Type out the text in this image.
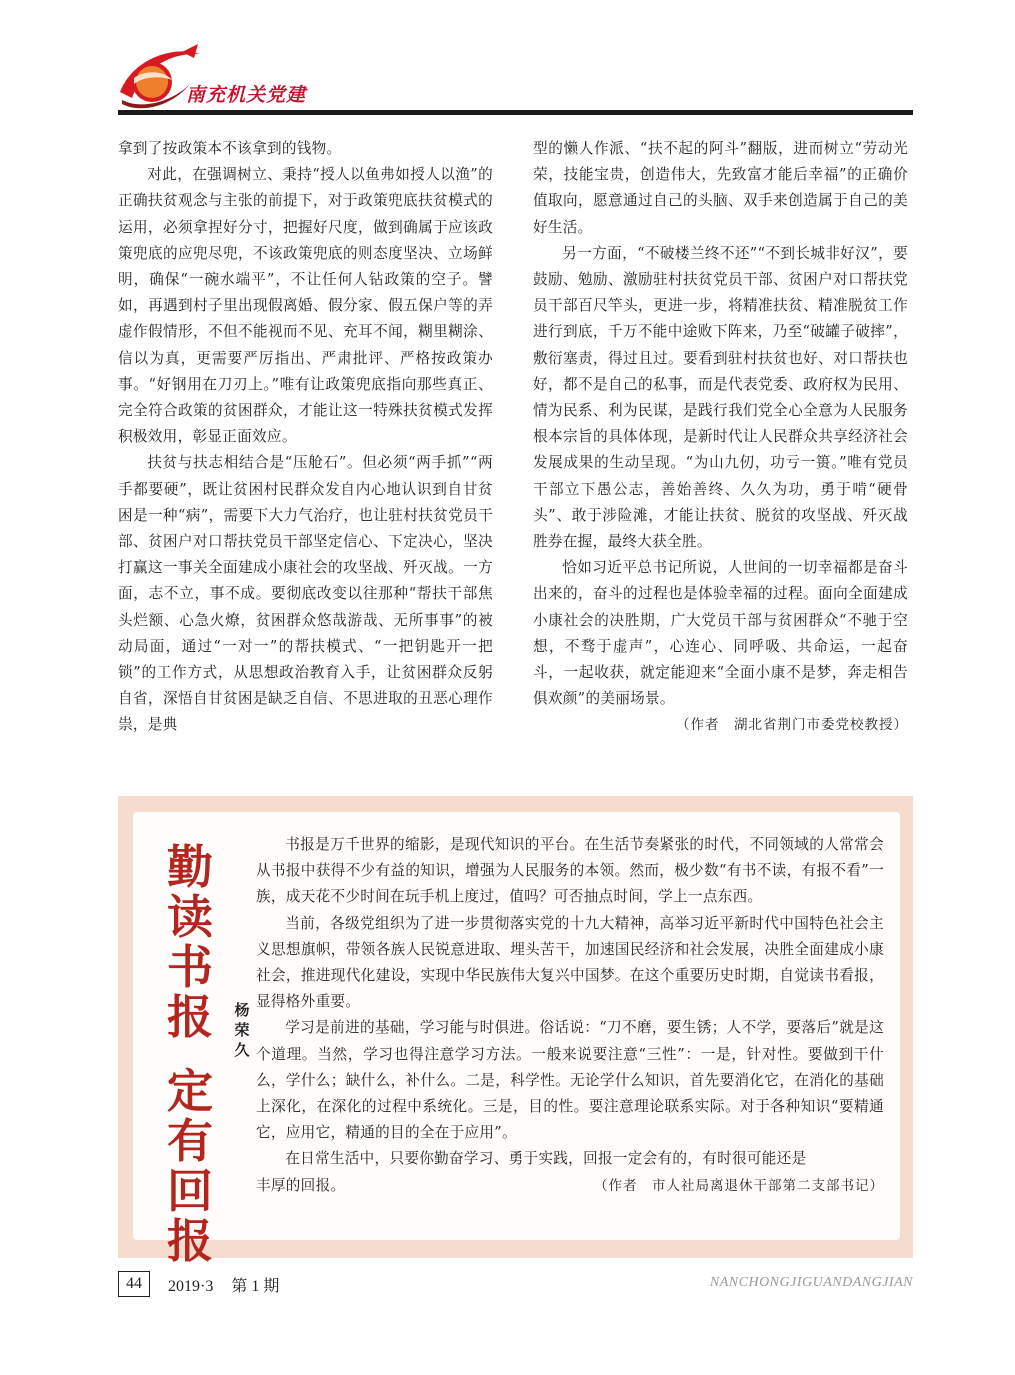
南充机关党建

拿到了按政策本不该拿到的钱物。

对此，在强调树立、秉持“授人以鱼弗如授人以渔”的正确扶贫观念与主张的前提下，对于政策兜底扶贫模式的运用，必须拿捏好分寸，把握好尺度，做到确属于应该政策兜底的应兜尽兜，不该政策兜底的则态度坚决、立场鲜明，确保“一碗水端平”，不让任何人钻政策的空子。譬如，再遇到村子里出现假离婚、假分家、假五保户等的弄虚作假情形，不但不能视而不见、充耳不闻，糊里糊涂、信以为真，更需要严厉指出、严肃批评、严格按政策办事。“好钢用在刀刃上。”唯有让政策兜底指向那些真正、完全符合政策的贫困群众，才能让这一特殊扶贫模式发挥积极效用，彰显正面效应。

扶贫与扶志相结合是“压舱石”。但必须“两手抓”“两手都要硬”，既让贫困村民群众发自内心地认识到自甘贫困是一种“病”，需要下大力气治疗，也让驻村扶贫党员干部、贫困户对口帮扶党员干部坚定信心、下定决心，坚决打赢这一事关全面建成小康社会的攻坚战、歼灭战。一方面，志不立，事不成。要彻底改变以往那种“帮扶干部焦头烂额、心急火燎，贫困群众悠哉游哉、无所事事”的被动局面，通过“一对一”的帮扶模式、“一把钥匙开一把锁”的工作方式，从思想政治教育入手，让贫困群众反躬自省，深悟自甘贫困是缺乏自信、不思进取的丑恶心理作祟，是典

型的懒人作派、“扶不起的阿斗”翻版，进而树立“劳动光荣，技能宝贵，创造伟大，先致富才能后幸福”的正确价值取向，愿意通过自己的头脑、双手来创造属于自己的美好生活。

另一方面，“不破楼兰终不还”“不到长城非好汉”，要鼓励、勉励、激励驻村扶贫党员干部、贫困户对口帮扶党员干部百尺竿头，更进一步，将精准扶贫、精准脱贫工作进行到底，千万不能中途败下阵来，乃至“破罐子破摔”，敷衍塞责，得过且过。要看到驻村扶贫也好、对口帮扶也好，都不是自己的私事，而是代表党委、政府权为民用、情为民系、利为民谋，是践行我们党全心全意为人民服务根本宗旨的具体体现，是新时代让人民群众共享经济社会发展成果的生动呈现。“为山九仞，功亏一篑。”唯有党员干部立下愚公志，善始善终、久久为功，勇于啃“硬骨头”、敢于涉险滩，才能让扶贫、脱贫的攻坚战、歼灭战胜券在握，最终大获全胜。

恰如习近平总书记所说，人世间的一切幸福都是奋斗出来的，奋斗的过程也是体验幸福的过程。面向全面建成小康社会的决胜期，广大党员干部与贫困群众“不驰于空想，不骛于虚声”，心连心、同呼吸、共命运，一起奋斗，一起收获，就定能迎来“全面小康不是梦，奔走相告俱欢颜”的美丽场景。

（作者　湖北省荆门市委党校教授）

勤
读
书
报
定
有
回
报
杨
荣
久

书报是万千世界的缩影，是现代知识的平台。在生活节奏紧张的时代，不同领域的人常常会从书报中获得不少有益的知识，增强为人民服务的本领。然而，极少数“有书不读，有报不看”一族，成天花不少时间在玩手机上度过，值吗？可否抽点时间，学上一点东西。

当前，各级党组织为了进一步贯彻落实党的十九大精神，高举习近平新时代中国特色社会主义思想旗帜，带领各族人民锐意进取、埋头苦干，加速国民经济和社会发展，决胜全面建成小康社会，推进现代化建设，实现中华民族伟大复兴中国梦。在这个重要历史时期，自觉读书看报，显得格外重要。

学习是前进的基础，学习能与时俱进。俗话说：“刀不磨，要生锈；人不学，要落后”就是这个道理。当然，学习也得注意学习方法。一般来说要注意“三性”：一是，针对性。要做到干什么，学什么；缺什么，补什么。二是，科学性。无论学什么知识，首先要消化它，在消化的基础上深化，在深化的过程中系统化。三是，目的性。要注意理论联系实际。对于各种知识“要精通它，应用它，精通的目的全在于应用”。

在日常生活中，只要你勤奋学习、勇于实践，回报一定会有的，有时很可能还是

丰厚的回报。	（作者　市人社局离退休干部第二支部书记）

44	2019·3 第 1 期	NANCHONGJIGUANDANGJIAN
